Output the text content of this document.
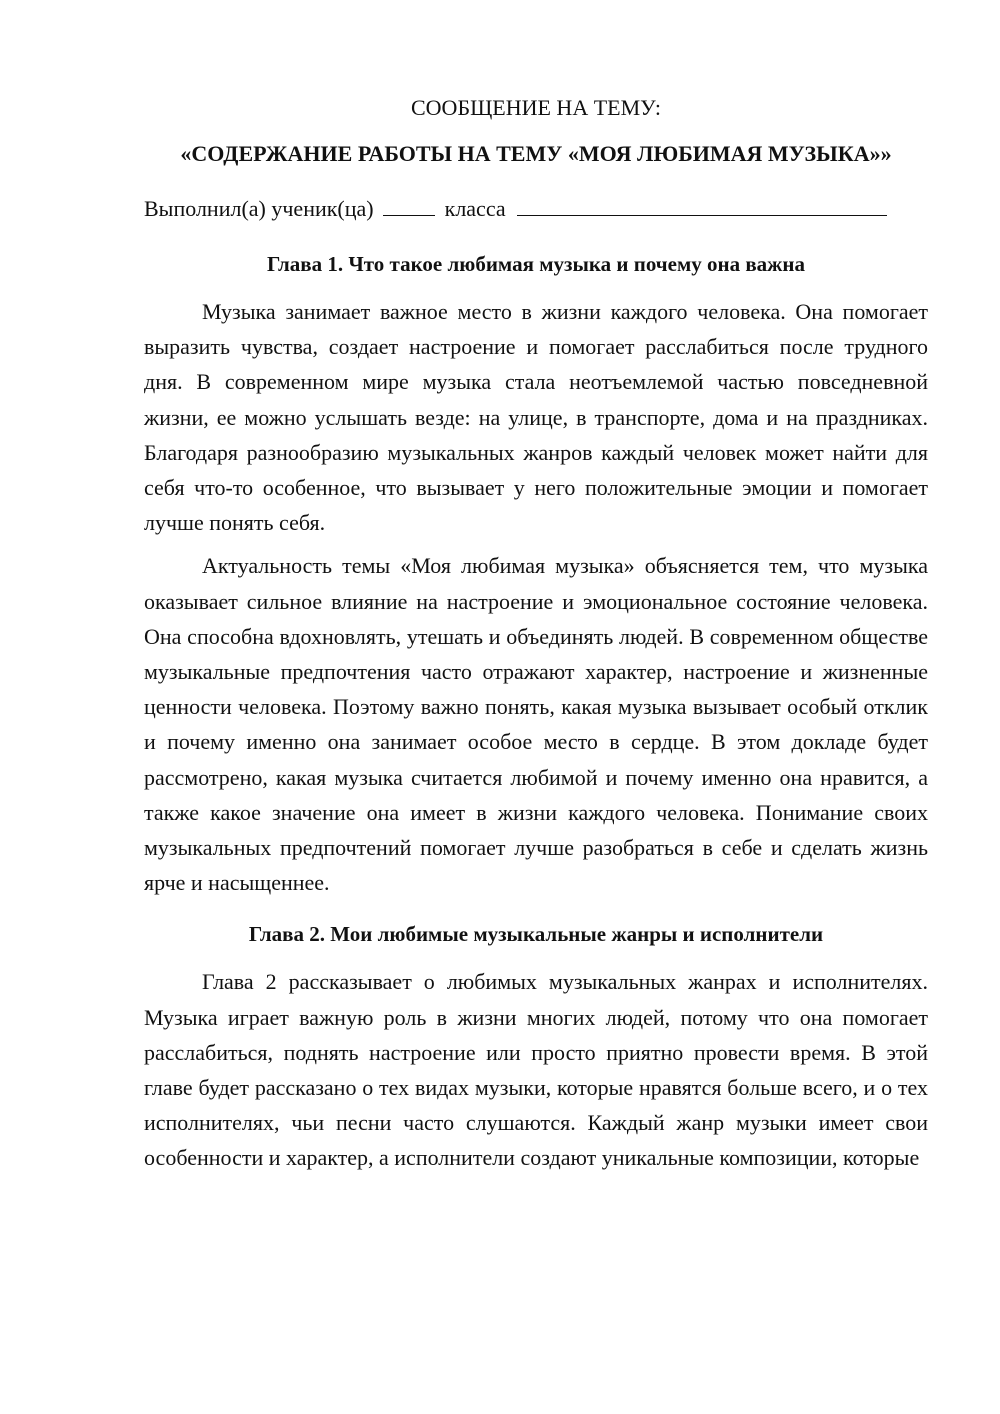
СООБЩЕНИЕ НА ТЕМУ:

«СОДЕРЖАНИЕ РАБОТЫ НА ТЕМУ «МОЯ ЛЮБИМАЯ МУЗЫКА»»

Выполнил(а) ученик(ца)	класса

Глава 1. Что такое любимая музыка и почему она важна

Музыка занимает важное место в жизни каждого человека. Она помогает выразить чувства, создает настроение и помогает расслабиться после трудного дня. В современном мире музыка стала неотъемлемой частью повседневной жизни, ее можно услышать везде: на улице, в транспорте, дома и на праздниках. Благодаря разнообразию музыкальных жанров каждый человек может найти для себя что-то особенное, что вызывает у него положительные эмоции и помогает лучше понять себя.

Актуальность темы «Моя любимая музыка» объясняется тем, что музыка оказывает сильное влияние на настроение и эмоциональное состояние человека. Она способна вдохновлять, утешать и объединять людей. В современном обществе музыкальные предпочтения часто отражают характер, настроение и жизненные ценности человека. Поэтому важно понять, какая музыка вызывает особый отклик и почему именно она занимает особое место в сердце. В этом докладе будет рассмотрено, какая музыка считается любимой и почему именно она нравится, а также какое значение она имеет в жизни каждого человека. Понимание своих музыкальных предпочтений помогает лучше разобраться в себе и сделать жизнь ярче и насыщеннее.

Глава 2. Мои любимые музыкальные жанры и исполнители

Глава 2 рассказывает о любимых музыкальных жанрах и исполнителях. Музыка играет важную роль в жизни многих людей, потому что она помогает расслабиться, поднять настроение или просто приятно провести время. В этой главе будет рассказано о тех видах музыки, которые нравятся больше всего, и о тех исполнителях, чьи песни часто слушаются. Каждый жанр музыки имеет свои особенности и характер, а исполнители создают уникальные композиции, которые
